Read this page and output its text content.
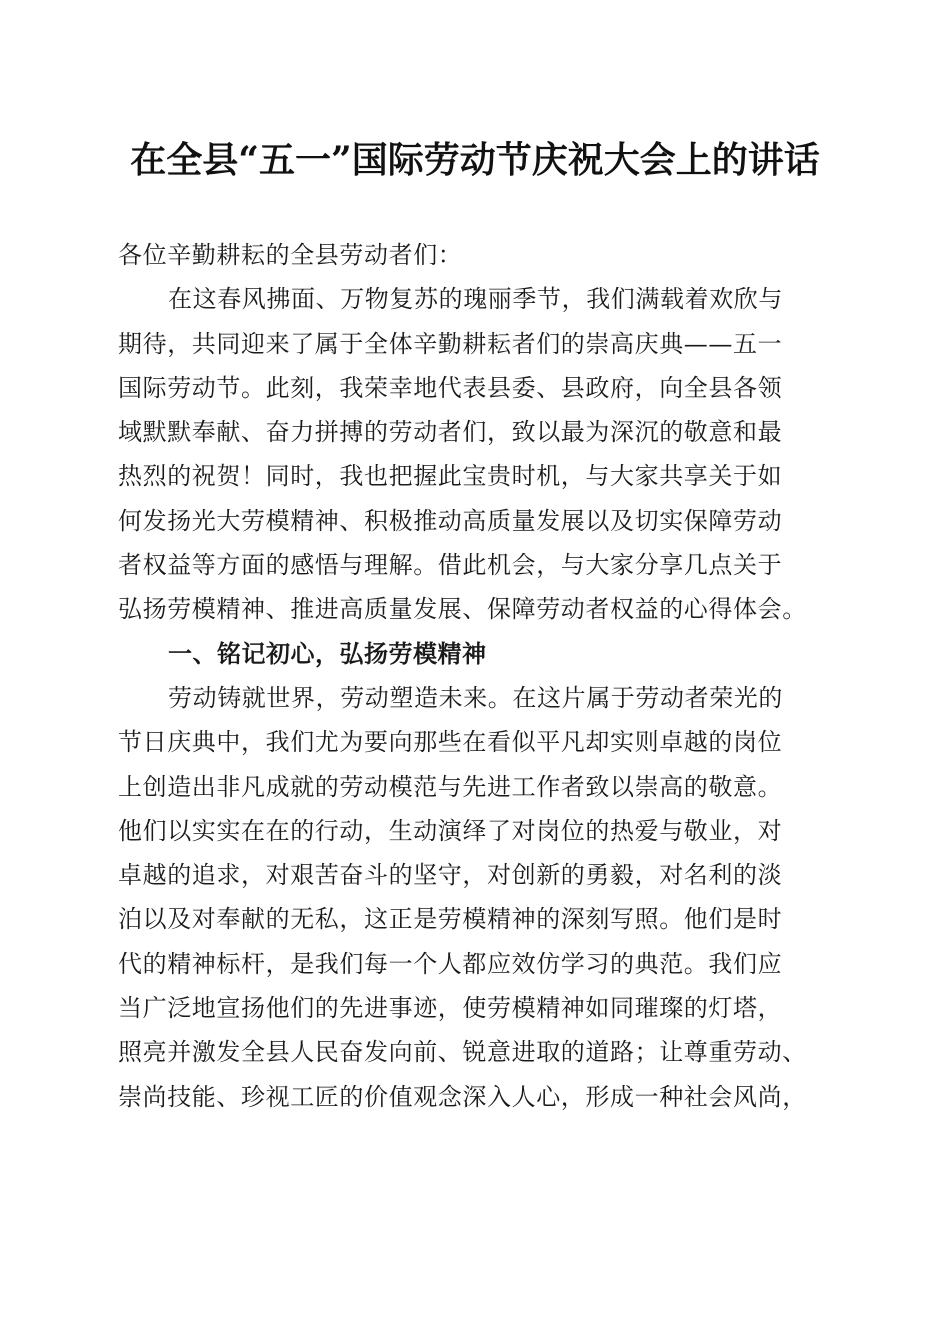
在全县“五一”国际劳动节庆祝大会上的讲话
各位辛勤耕耘的全县劳动者们：
在这春风拂面、万物复苏的瑰丽季节，我们满载着欢欣与
期待，共同迎来了属于全体辛勤耕耘者们的崇高庆典——五一
国际劳动节。此刻，我荣幸地代表县委、县政府，向全县各领
域默默奉献、奋力拼搏的劳动者们，致以最为深沉的敬意和最
热烈的祝贺！同时，我也把握此宝贵时机，与大家共享关于如
何发扬光大劳模精神、积极推动高质量发展以及切实保障劳动
者权益等方面的感悟与理解。借此机会，与大家分享几点关于
弘扬劳模精神、推进高质量发展、保障劳动者权益的心得体会。
一、铭记初心，弘扬劳模精神
劳动铸就世界，劳动塑造未来。在这片属于劳动者荣光的
节日庆典中，我们尤为要向那些在看似平凡却实则卓越的岗位
上创造出非凡成就的劳动模范与先进工作者致以崇高的敬意。
他们以实实在在的行动，生动演绎了对岗位的热爱与敬业，对
卓越的追求，对艰苦奋斗的坚守，对创新的勇毅，对名利的淡
泊以及对奉献的无私，这正是劳模精神的深刻写照。他们是时
代的精神标杆，是我们每一个人都应效仿学习的典范。我们应
当广泛地宣扬他们的先进事迹，使劳模精神如同璀璨的灯塔，
照亮并激发全县人民奋发向前、锐意进取的道路；让尊重劳动、
崇尚技能、珍视工匠的价值观念深入人心，形成一种社会风尚，
